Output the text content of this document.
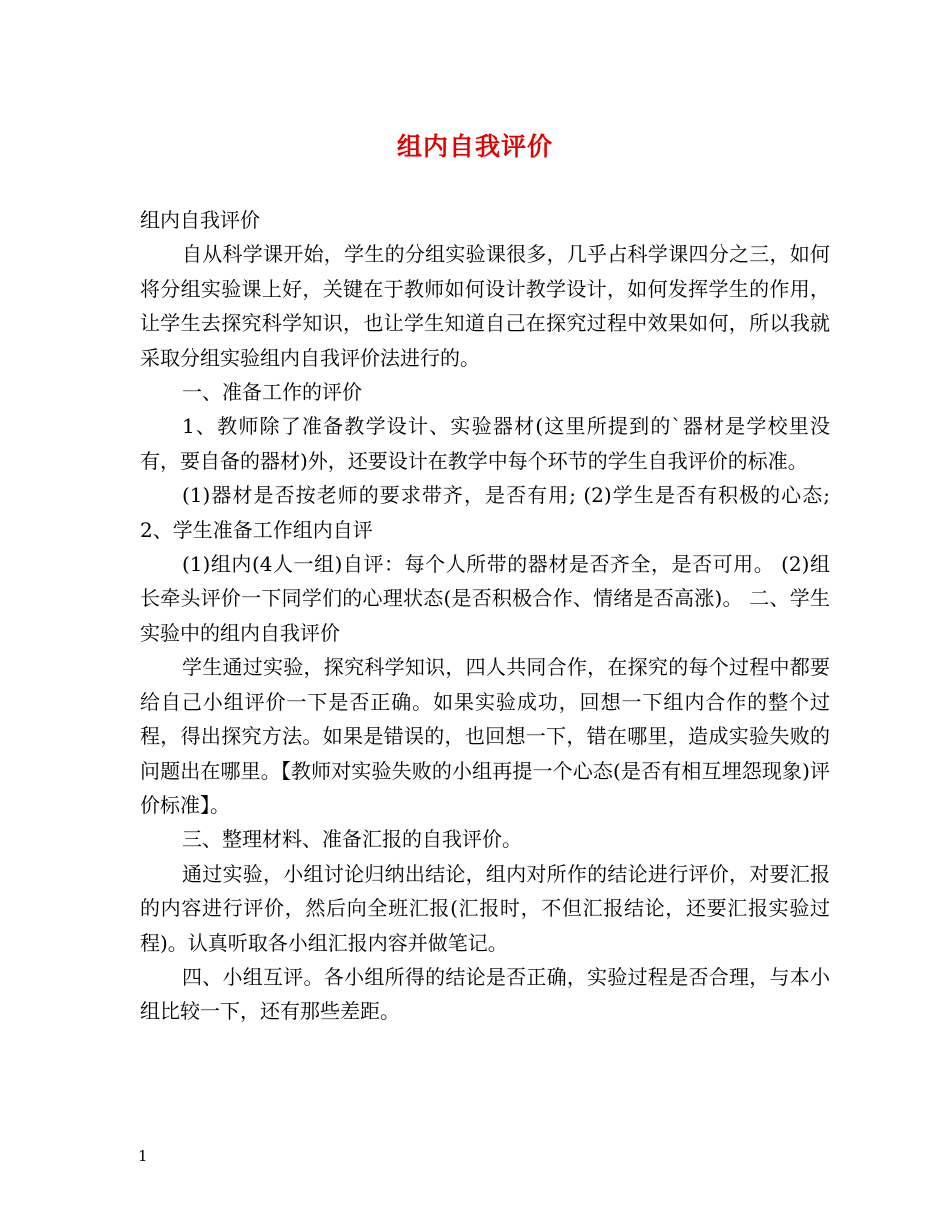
组内自我评价

组内自我评价

自从科学课开始，学生的分组实验课很多，几乎占科学课四分之三，如何将分组实验课上好，关键在于教师如何设计教学设计，如何发挥学生的作用，让学生去探究科学知识，也让学生知道自己在探究过程中效果如何，所以我就采取分组实验组内自我评价法进行的。

一、准备工作的评价

1、教师除了准备教学设计、实验器材(这里所提到的`器材是学校里没有，要自备的器材)外，还要设计在教学中每个环节的学生自我评价的标准。

(1)器材是否按老师的要求带齐，是否有用; (2)学生是否有积极的心态; 2、学生准备工作组内自评

(1)组内(4人一组)自评：每个人所带的器材是否齐全，是否可用。 (2)组长牵头评价一下同学们的心理状态(是否积极合作、情绪是否高涨)。 二、学生实验中的组内自我评价

学生通过实验，探究科学知识，四人共同合作，在探究的每个过程中都要给自己小组评价一下是否正确。如果实验成功，回想一下组内合作的整个过程，得出探究方法。如果是错误的，也回想一下，错在哪里，造成实验失败的问题出在哪里。【教师对实验失败的小组再提一个心态(是否有相互埋怨现象)评价标准】。

三、整理材料、准备汇报的自我评价。

通过实验，小组讨论归纳出结论，组内对所作的结论进行评价，对要汇报的内容进行评价，然后向全班汇报(汇报时，不但汇报结论，还要汇报实验过程)。认真听取各小组汇报内容并做笔记。

四、小组互评。各小组所得的结论是否正确，实验过程是否合理，与本小组比较一下，还有那些差距。

1
